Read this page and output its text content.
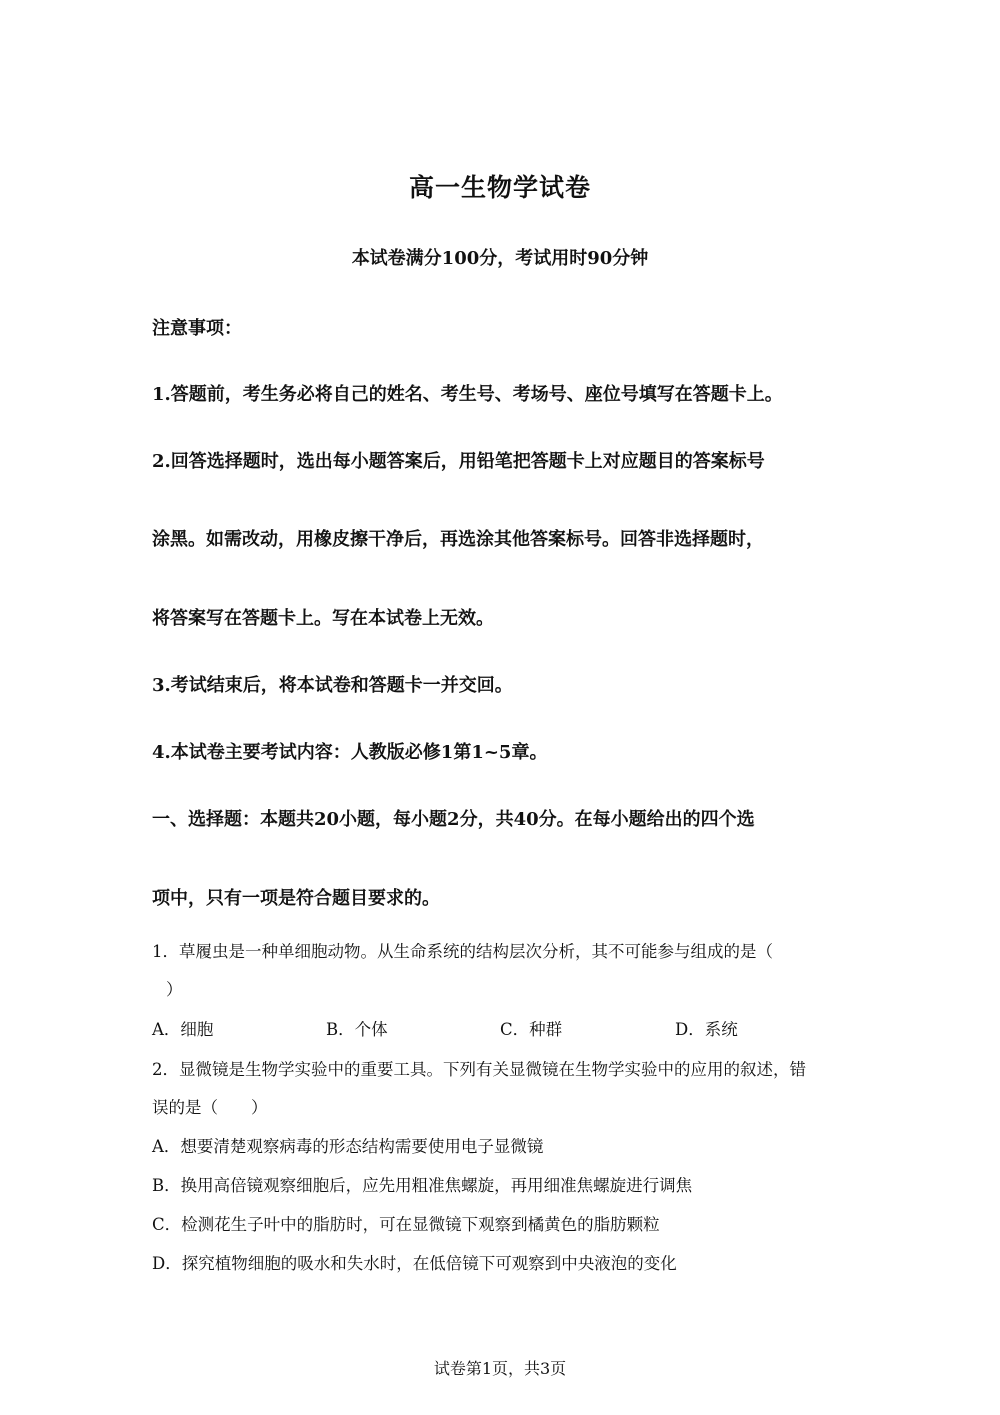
高一生物学试卷
本试卷满分100分，考试用时90分钟
注意事项：
1.答题前，考生务必将自己的姓名、考生号、考场号、座位号填写在答题卡上。
2.回答选择题时，选出每小题答案后，用铅笔把答题卡上对应题目的答案标号
涂黑。如需改动，用橡皮擦干净后，再选涂其他答案标号。回答非选择题时，
将答案写在答题卡上。写在本试卷上无效。
3.考试结束后，将本试卷和答题卡一并交回。
4.本试卷主要考试内容：人教版必修1第1~5章。
一、选择题：本题共20小题，每小题2分，共40分。在每小题给出的四个选
项中，只有一项是符合题目要求的。
1．草履虫是一种单细胞动物。从生命系统的结构层次分析，其不可能参与组成的是（
）
A．细胞	B．个体	C．种群	D．系统
2．显微镜是生物学实验中的重要工具。下列有关显微镜在生物学实验中的应用的叙述，错
误的是（　　）
A．想要清楚观察病毒的形态结构需要使用电子显微镜
B．换用高倍镜观察细胞后，应先用粗准焦螺旋，再用细准焦螺旋进行调焦
C．检测花生子叶中的脂肪时，可在显微镜下观察到橘黄色的脂肪颗粒
D．探究植物细胞的吸水和失水时，在低倍镜下可观察到中央液泡的变化
试卷第1页，共3页
